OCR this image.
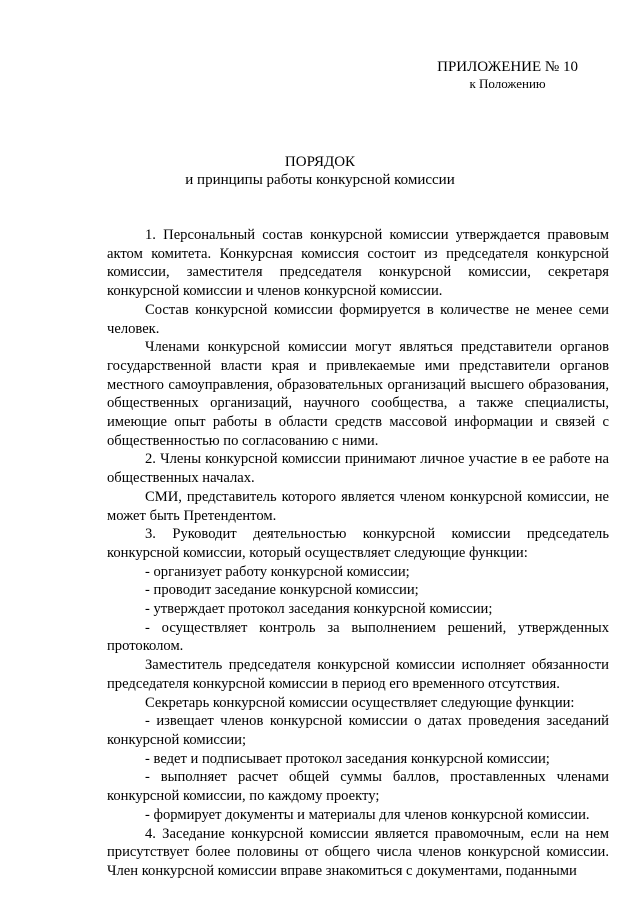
ПРИЛОЖЕНИЕ № 10
к Положению
ПОРЯДОК
и принципы работы конкурсной комиссии

1. Персональный состав конкурсной комиссии утверждается правовым актом комитета. Конкурсная комиссия состоит из председателя конкурсной комиссии, заместителя председателя конкурсной комиссии, секретаря конкурсной комиссии и членов конкурсной комиссии.

Состав конкурсной комиссии формируется в количестве не менее семи человек.

Членами конкурсной комиссии могут являться представители органов государственной власти края и привлекаемые ими представители органов местного самоуправления, образовательных организаций высшего образования, общественных организаций, научного сообщества, а также специалисты, имеющие опыт работы в области средств массовой информации и связей с общественностью по согласованию с ними.

2. Члены конкурсной комиссии принимают личное участие в ее работе на общественных началах.

СМИ, представитель которого является членом конкурсной комиссии, не может быть Претендентом.

3. Руководит деятельностью конкурсной комиссии председатель конкурсной комиссии, который осуществляет следующие функции:

- организует работу конкурсной комиссии;

- проводит заседание конкурсной комиссии;

- утверждает протокол заседания конкурсной комиссии;

- осуществляет контроль за выполнением решений, утвержденных протоколом.

Заместитель председателя конкурсной комиссии исполняет обязанности председателя конкурсной комиссии в период его временного отсутствия.

Секретарь конкурсной комиссии осуществляет следующие функции:

- извещает членов конкурсной комиссии о датах проведения заседаний конкурсной комиссии;

- ведет и подписывает протокол заседания конкурсной комиссии;

- выполняет расчет общей суммы баллов, проставленных членами конкурсной комиссии, по каждому проекту;

- формирует документы и материалы для членов конкурсной комиссии.

4. Заседание конкурсной комиссии является правомочным, если на нем присутствует более половины от общего числа членов конкурсной комиссии. Член конкурсной комиссии вправе знакомиться с документами, поданными
